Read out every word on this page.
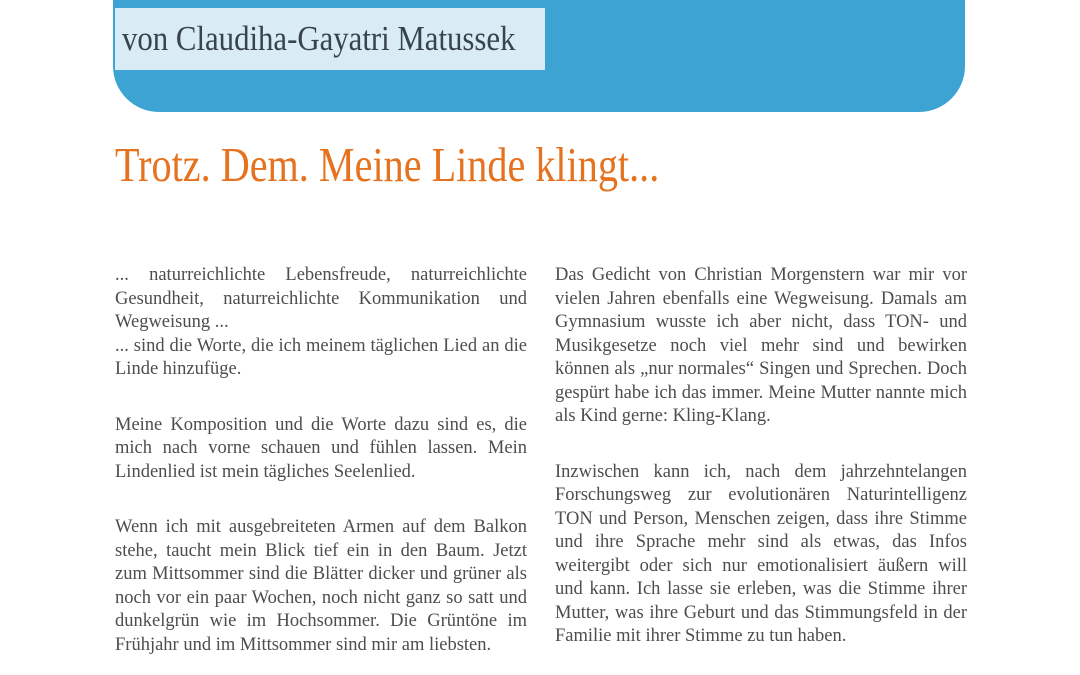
von Claudiha-Gayatri Matussek
Trotz. Dem. Meine Linde klingt...

... naturreichlichte Lebensfreude, naturreichlichte Gesundheit, naturreichlichte Kommunikation und Wegweisung ...

... sind die Worte, die ich meinem täglichen Lied an die Linde hinzufüge.

Meine Komposition und die Worte dazu sind es, die mich nach vorne schauen und fühlen lassen. Mein Lindenlied ist mein tägliches Seelenlied.

Wenn ich mit ausgebreiteten Armen auf dem Balkon stehe, taucht mein Blick tief ein in den Baum. Jetzt zum Mittsommer sind die Blätter dicker und grüner als noch vor ein paar Wochen, noch nicht ganz so satt und dunkelgrün wie im Hochsommer. Die Grüntöne im Frühjahr und im Mittsommer sind mir am liebsten.

Das Gedicht von Christian Morgenstern war mir vor vielen Jahren ebenfalls eine Wegweisung. Damals am Gymnasium wusste ich aber nicht, dass TON- und Musikgesetze noch viel mehr sind und bewirken können als „nur normales“ Singen und Sprechen. Doch gespürt habe ich das immer. Meine Mutter nannte mich als Kind gerne: Kling-Klang.

Inzwischen kann ich, nach dem jahrzehntelangen Forschungsweg zur evolutionären Naturintelligenz TON und Person, Menschen zeigen, dass ihre Stimme und ihre Sprache mehr sind als etwas, das Infos weitergibt oder sich nur emotionalisiert äußern will und kann. Ich lasse sie erleben, was die Stimme ihrer Mutter, was ihre Geburt und das Stimmungsfeld in der Familie mit ihrer Stimme zu tun haben.
